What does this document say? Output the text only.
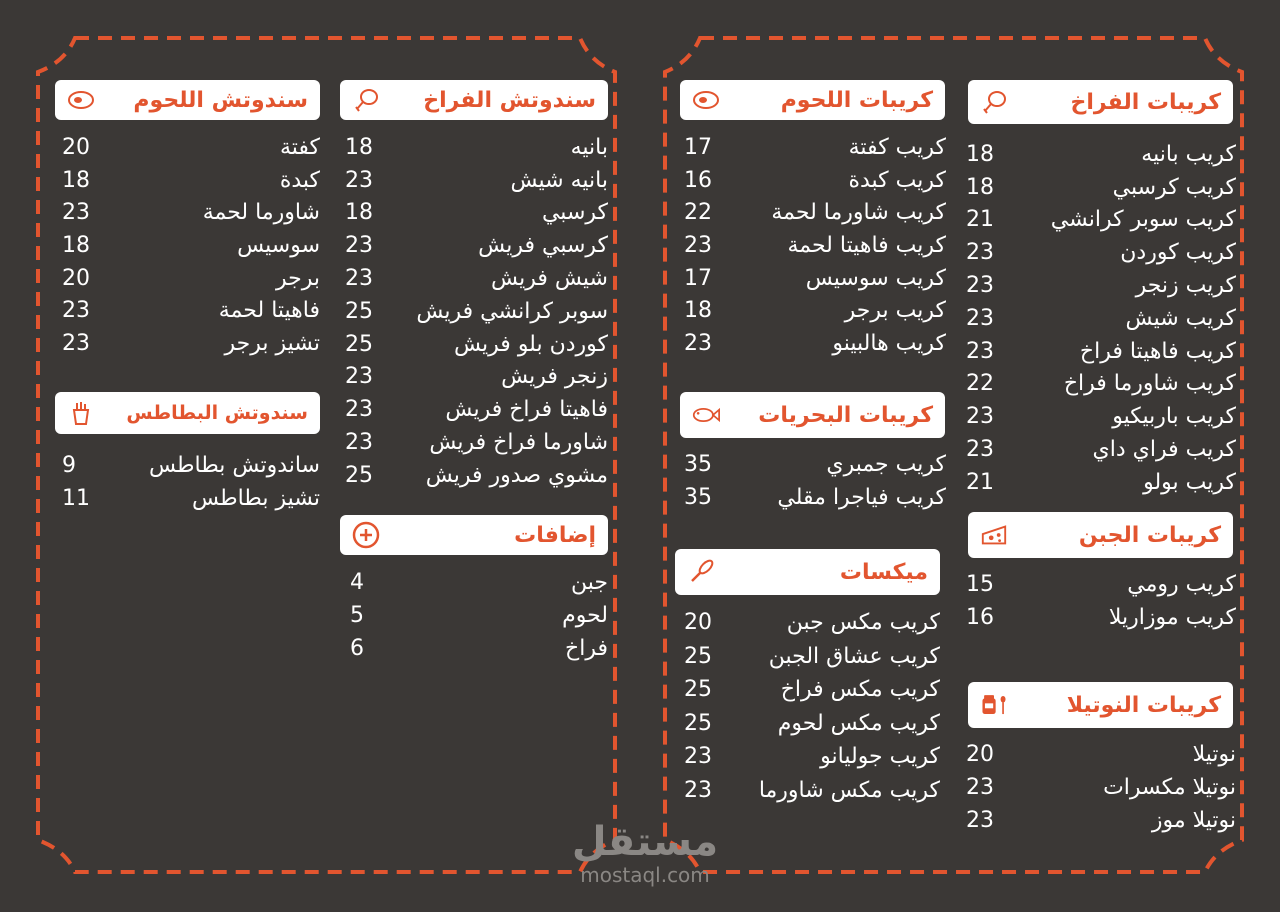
سندوتش اللحوم
كفتة
20
كبدة
18
شاورما لحمة
23
سوسيس
18
برجر
20
فاهيتا لحمة
23
تشيز برجر
23
سندوتش البطاطس
ساندوتش بطاطس
9
تشيز بطاطس
11
سندوتش الفراخ
بانيه
18
بانيه شيش
23
كرسبي
18
كرسبي فريش
23
شيش فريش
23
سوبر كرانشي فريش
25
كوردن بلو فريش
25
زنجر فريش
23
فاهيتا فراخ فريش
23
شاورما فراخ فريش
23
مشوي صدور فريش
25
إضافات
جبن
4
لحوم
5
فراخ
6
كريبات اللحوم
كريب كفتة
17
كريب كبدة
16
كريب شاورما لحمة
22
كريب فاهيتا لحمة
23
كريب سوسيس
17
كريب برجر
18
كريب هالبينو
23
كريبات البحريات
كريب جمبري
35
كريب فياجرا مقلي
35
ميكسات
كريب مكس جبن
20
كريب عشاق الجبن
25
كريب مكس فراخ
25
كريب مكس لحوم
25
كريب جوليانو
23
كريب مكس شاورما
23
كريبات الفراخ
كريب بانيه
18
كريب كرسبي
18
كريب سوبر كرانشي
21
كريب كوردن
23
كريب زنجر
23
كريب شيش
23
كريب فاهيتا فراخ
23
كريب شاورما فراخ
22
كريب باربيكيو
23
كريب فراي داي
23
كريب بولو
21
كريبات الجبن
كريب رومي
15
كريب موزاريلا
16
كريبات النوتيلا
نوتيلا
20
نوتيلا مكسرات
23
نوتيلا موز
23
مستقل
mostaql.com
